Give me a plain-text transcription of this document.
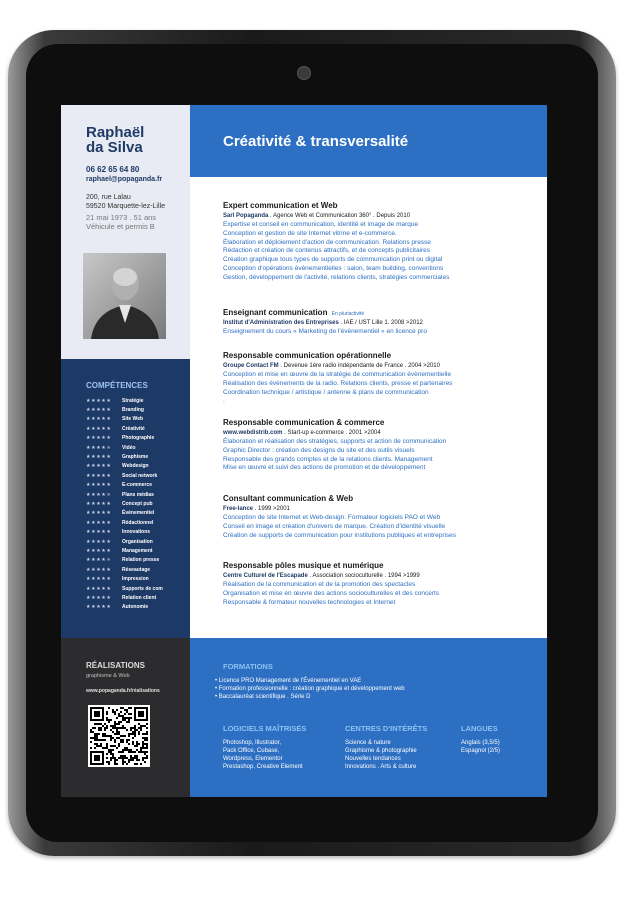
Raphaël
da Silva
06 62 65 64 80
raphael@popaganda.fr
200, rue Lalau
59520 Marquette-lez-Lille
21 mai 1973 . 51 ans
Véhicule et permis B
COMPÉTENCES
★★★★★	Stratégie
★★★★★	Branding
★★★★★	Site Web
★★★★★	Créativité
★★★★★	Photographie
★★★★★	Vidéo
★★★★★	Graphisme
★★★★★	Webdesign
★★★★★	Social network
★★★★★	E-commerce
★★★★★	Plans médias
★★★★★	Concept pub
★★★★★	Événementiel
★★★★★	Rédactionnel
★★★★★	Innovations
★★★★★	Organisation
★★★★★	Management
★★★★★	Relation presse
★★★★★	Réseautage
★★★★★	Impression
★★★★★	Supports de com
★★★★★	Relation client
★★★★★	Autonomie
RÉALISATIONS
graphisme & Web
www.popaganda.fr/réalisations
Créativité & transversalité
Expert communication et Web
Sarl Popaganda . Agence Web et Communication 360° . Depuis 2010
Expertise et conseil en communication, identité et image de marque
Conception et gestion de site Internet vitrine et e-commerce.
Élaboration et déploiement d'action de communication. Relations presse
Rédaction et création de contenus attractifs, et de concepts publicitaires
Création graphique tous types de supports de communication print ou digital
Conception d'opérations évènementielles : salon, team building, conventions
Gestion, développement de l'activité, relations clients, stratégies commerciales
Enseignant communication . En pluriactivité
Institut d'Administration des Entreprises . IAE / UST Lille 1. 2008 >2012
Enseignement du cours « Marketing de l'évènementiel » en licence pro
Responsable communication opérationnelle
Groupe Contact FM . Devenue 1ère radio indépendante de France . 2004 >2010
Conception et mise en œuvre de la stratégie de communication évènementielle
Réalisation des évènements de la radio. Relations clients, presse et partenaires
Coordination technique / artistique / antenne & plans de communication
.
Responsable communication & commerce
www.webdistrib.com . Start-up e-commerce . 2001 >2004
Élaboration et réalisation des stratégies, supports et action de communication
Graphic Director : création des designs du site et des outils visuels
Responsable des grands comptes et de la relations clients. Management
Mise en œuvre et suivi des actions de promotion et de développement
Consultant communication & Web
Free-lance . 1999 >2001
Conception de site Internet et Web-design. Formateur logiciels PAO et Web
Conseil en image et création d'univers de marque. Création d'identité visuelle
Création de supports de communication pour institutions publiques et entreprises
Responsable pôles musique et numérique
Centre Culturel de l'Escapade . Association socioculturelle . 1994 >1999
Réalisation de la communication et de la promotion des spectacles
Organisation et mise en œuvre des actions socioculturelles et des concerts
Responsable & formateur nouvelles technologies et Internet
FORMATIONS
• Licence PRO Management de l'Événementiel en VAE
• Formation professionnelle : création graphique et développement web
• Baccalauréat scientifique . Série D
LOGICIELS MAÎTRISÉS
Photoshop, Illustrator,
Pack Office, Cubase,
Wordpress, Elementor
Prestashop, Creative Element
CENTRES D'INTÉRÊTS
Science & nature
Graphisme & photographie
Nouvelles tendances
Innovations . Arts & culture
LANGUES
Anglais (3,5/5)
Espagnol (2/5)
